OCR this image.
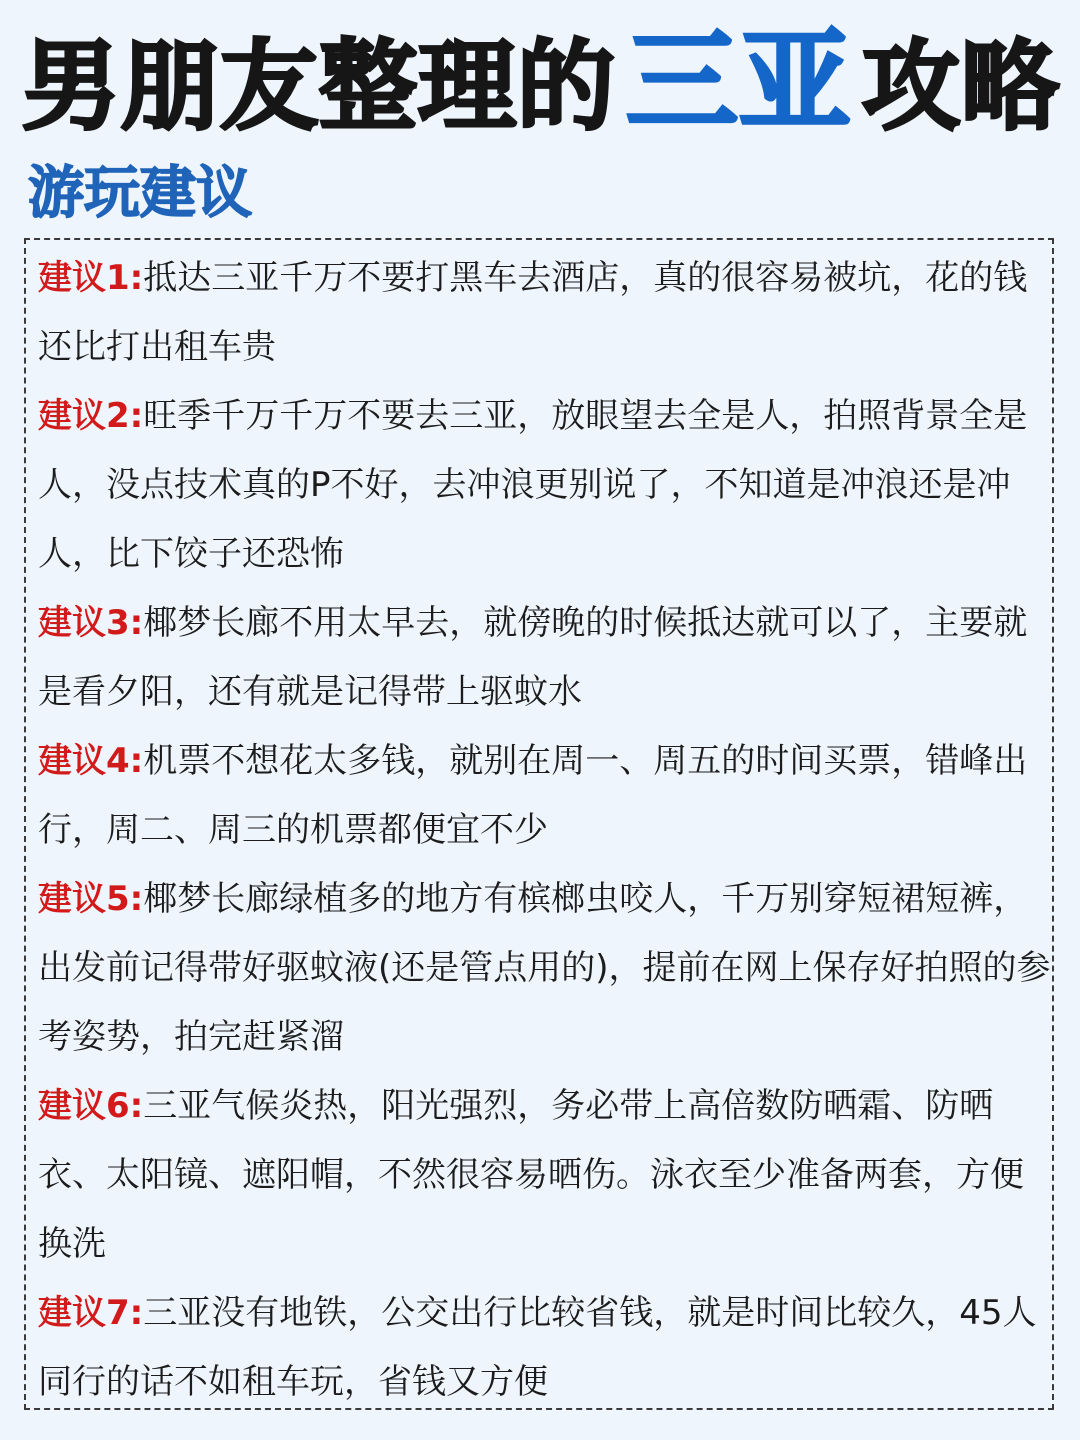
男朋友整理的三亚 攻略
游玩建议
建议1:抵达三亚千万不要打黑车去酒店，真的很容易被坑，花的钱还比打出租车贵
建议2:旺季千万千万不要去三亚，放眼望去全是人，拍照背景全是人，没点技术真的P不好，去冲浪更别说了，不知道是冲浪还是冲人，比下饺子还恐怖
建议3:椰梦长廊不用太早去，就傍晚的时候抵达就可以了，主要就是看夕阳，还有就是记得带上驱蚊水
建议4:机票不想花太多钱，就别在周一、周五的时间买票，错峰出行，周二、周三的机票都便宜不少
建议5:椰梦长廊绿植多的地方有槟榔虫咬人，千万别穿短裙短裤，出发前记得带好驱蚊液(还是管点用的)，提前在网上保存好拍照的参考姿势，拍完赶紧溜
建议6:三亚气候炎热，阳光强烈，务必带上高倍数防晒霜、防晒衣、太阳镜、遮阳帽，不然很容易晒伤。泳衣至少准备两套，方便换洗
建议7:三亚没有地铁，公交出行比较省钱，就是时间比较久，45人同行的话不如租车玩，省钱又方便
